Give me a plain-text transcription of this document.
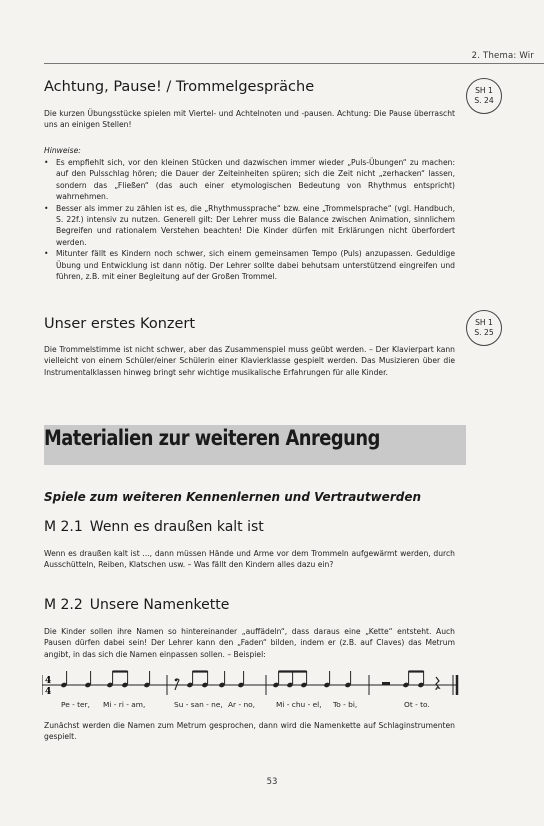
2. Thema: Wir
Achtung, Pause! / Trommelgespräche	SH 1
S. 24

Die kurzen Übungsstücke spielen mit Viertel- und Achtelnoten und -pausen. Achtung: Die Pause überrascht uns an einigen Stellen!

Hinweise:
• Es empfiehlt sich, vor den kleinen Stücken und dazwischen immer wieder „Puls-Übungen“ zu machen: auf den Pulsschlag hören; die Dauer der Zeiteinheiten spüren; sich die Zeit nicht „zerhacken“ lassen, sondern das „Fließen“ (das auch einer etymologischen Bedeutung von Rhythmus entspricht) wahrnehmen.
• Besser als immer zu zählen ist es, die „Rhythmussprache“ bzw. eine „Trommelsprache“ (vgl. Handbuch, S. 22f.) intensiv zu nutzen. Generell gilt: Der Lehrer muss die Balance zwischen Animation, sinnlichem Begreifen und rationalem Verstehen beachten! Die Kinder dürfen mit Erklärungen nicht überfordert werden.
• Mitunter fällt es Kindern noch schwer, sich einem gemeinsamen Tempo (Puls) anzupassen. Geduldige Übung und Entwicklung ist dann nötig. Der Lehrer sollte dabei behutsam unterstützend eingreifen und führen, z.B. mit einer Begleitung auf der Großen Trommel.
Unser erstes Konzert	SH 1
S. 25

Die Trommelstimme ist nicht schwer, aber das Zusammenspiel muss geübt werden. – Der Klavierpart kann vielleicht von einem Schüler/einer Schülerin einer Klavierklasse gespielt werden. Das Musizieren über die Instrumentalklassen hinweg bringt sehr wichtige musikalische Erfahrungen für alle Kinder.

Materialien zur weiteren Anregung
Spiele zum weiteren Kennenlernen und Vertrautwerden
M 2.1 Wenn es draußen kalt ist

Wenn es draußen kalt ist ..., dann müssen Hände und Arme vor dem Trommeln aufgewärmt werden, durch Ausschütteln, Reiben, Klatschen usw. – Was fällt den Kindern alles dazu ein?

M 2.2 Unsere Namenkette

Die Kinder sollen ihre Namen so hintereinander „auffädeln“, dass daraus eine „Kette“ entsteht. Auch Pausen dürfen dabei sein! Der Lehrer kann den „Faden“ bilden, indem er (z.B. auf Claves) das Metrum angibt, in das sich die Namen einpassen sollen. – Beispiel:

4
4
Pe - ter, Mi - ri - am,	Su - san - ne, Ar - no,	Mi - chu - el, To - bi,	Ot - to.

Zunächst werden die Namen zum Metrum gesprochen, dann wird die Namenkette auf Schlaginstrumenten gespielt.

53
